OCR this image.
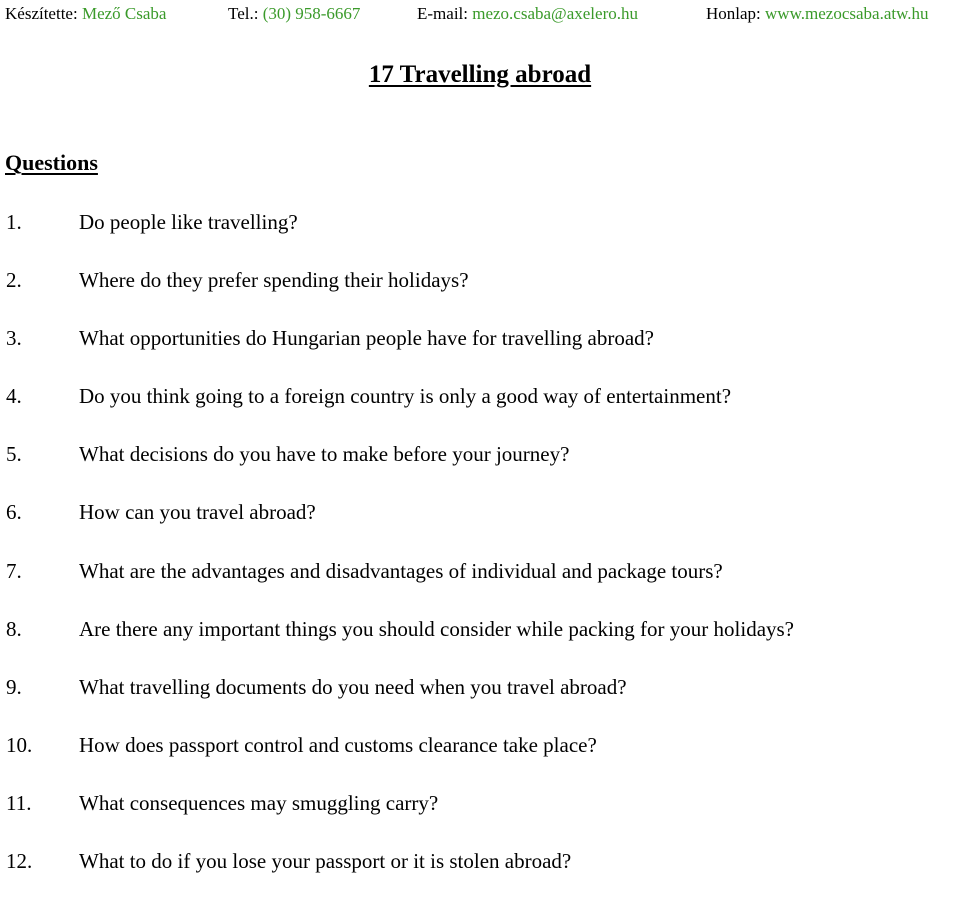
Készítette: Mező Csaba	Tel.: (30) 958-6667	E-mail: mezo.csaba@axelero.hu	Honlap: www.mezocsaba.atw.hu
17 Travelling abroad
Questions
1.	Do people like travelling?
2.	Where do they prefer spending their holidays?
3.	What opportunities do Hungarian people have for travelling abroad?
4.	Do you think going to a foreign country is only a good way of entertainment?
5.	What decisions do you have to make before your journey?
6.	How can you travel abroad?
7.	What are the advantages and disadvantages of individual and package tours?
8.	Are there any important things you should consider while packing for your holidays?
9.	What travelling documents do you need when you travel abroad?
10. How does passport control and customs clearance take place?
11. What consequences may smuggling carry?
12. What to do if you lose your passport or it is stolen abroad?
